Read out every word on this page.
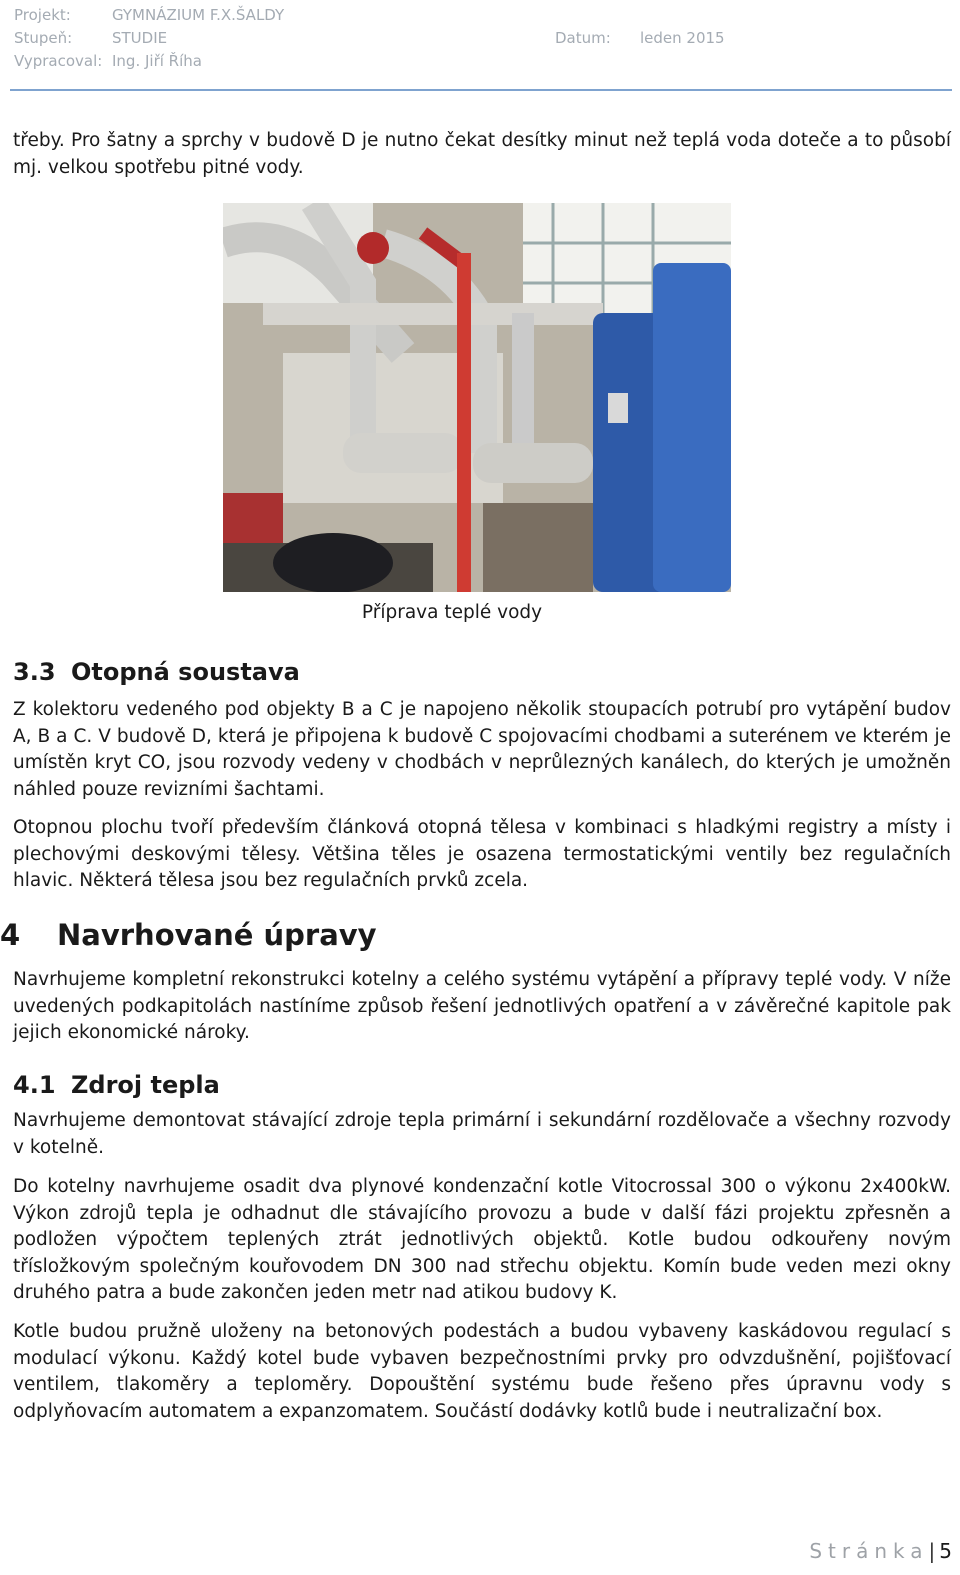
Projekt:	GYMNÁZIUM F.X.ŠALDY
Stupeň:	STUDIE	Datum: leden 2015
Vypracoval: Ing. Jiří Říha

třeby. Pro šatny a sprchy v budově D je nutno čekat desítky minut než teplá voda doteče a to působí mj. velkou spotřebu pitné vody.

Příprava teplé vody
3.3 Otopná soustava

Z kolektoru vedeného pod objekty B a C je napojeno několik stoupacích potrubí pro vytápění budov A, B a C. V budově D, která je připojena k budově C spojovacími chodbami a suterénem ve kterém je umístěn kryt CO, jsou rozvody vedeny v chodbách v neprůlezných kanálech, do kterých je umožněn náhled pouze revizními šachtami.

Otopnou plochu tvoří především článková otopná tělesa v kombinaci s hladkými registry a místy i plechovými deskovými tělesy. Většina těles je osazena termostatickými ventily bez regulačních hlavic. Některá tělesa jsou bez regulačních prvků zcela.

4 Navrhované úpravy

Navrhujeme kompletní rekonstrukci kotelny a celého systému vytápění a přípravy teplé vody. V níže uvedených podkapitolách nastíníme způsob řešení jednotlivých opatření a v závěrečné kapitole pak jejich ekonomické nároky.

4.1 Zdroj tepla

Navrhujeme demontovat stávající zdroje tepla primární i sekundární rozdělovače a všechny rozvody v kotelně.

Do kotelny navrhujeme osadit dva plynové kondenzační kotle Vitocrossal 300 o výkonu 2x400kW. Výkon zdrojů tepla je odhadnut dle stávajícího provozu a bude v další fázi projektu zpřesněn a podložen výpočtem teplených ztrát jednotlivých objektů. Kotle budou odkouřeny novým třísložkovým společným kouřovodem DN 300 nad střechu objektu. Komín bude veden mezi okny druhého patra a bude zakončen jeden metr nad atikou budovy K.

Kotle budou pružně uloženy na betonových podestách a budou vybaveny kaskádovou regulací s modulací výkonu. Každý kotel bude vybaven bezpečnostními prvky pro odvzdušnění, pojišťovací ventilem, tlakoměry a teploměry. Dopouštění systému bude řešeno přes úpravnu vody s odplyňovacím automatem a expanzomatem. Součástí dodávky kotlů bude i neutralizační box.

Stránka| 5
